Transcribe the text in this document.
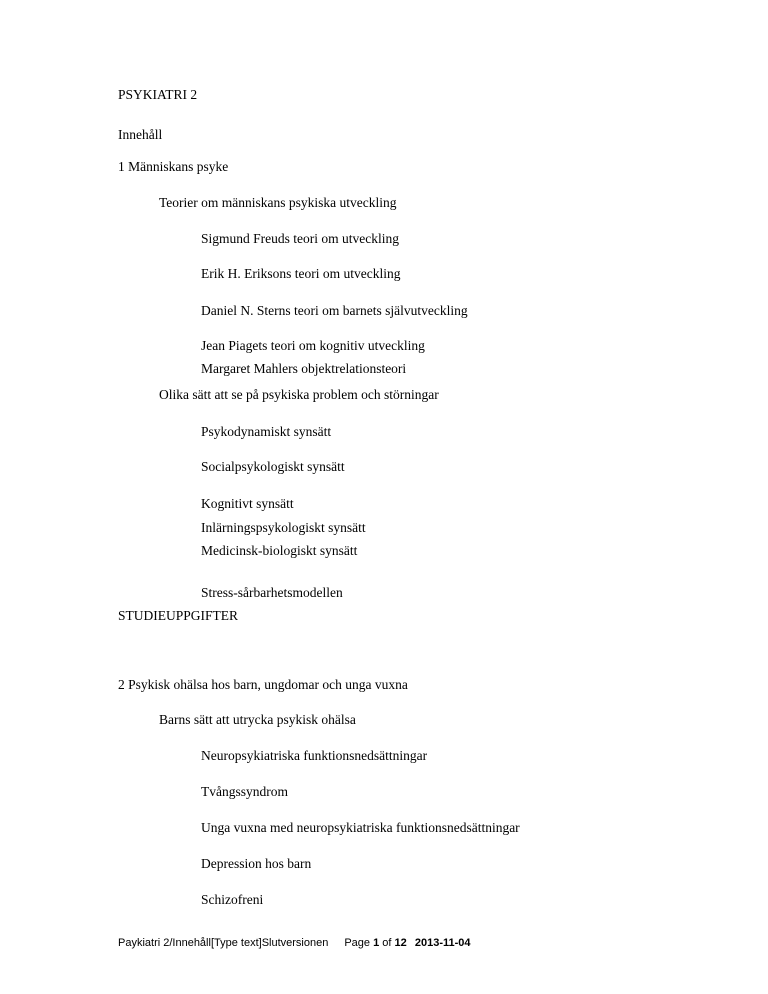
PSYKIATRI 2
Innehåll
1 Människans psyke
Teorier om människans psykiska utveckling
Sigmund Freuds teori om utveckling
Erik H. Eriksons teori om utveckling
Daniel N. Sterns teori om barnets självutveckling
Jean Piagets teori om kognitiv utveckling
Margaret Mahlers objektrelationsteori
Olika sätt att se på psykiska problem och störningar
Psykodynamiskt synsätt
Socialpsykologiskt synsätt
Kognitivt synsätt
Inlärningspsykologiskt synsätt
Medicinsk-biologiskt synsätt
Stress-sårbarhetsmodellen
STUDIEUPPGIFTER
2 Psykisk ohälsa hos barn, ungdomar och unga vuxna
Barns sätt att utrycka psykisk ohälsa
Neuropsykiatriska funktionsnedsättningar
Tvångssyndrom
Unga vuxna med neuropsykiatriska funktionsnedsättningar
Depression hos barn
Schizofreni
Paykiatri 2/Innehåll[Type text]Slutversionen Page 1 of 12 2013-11-04
